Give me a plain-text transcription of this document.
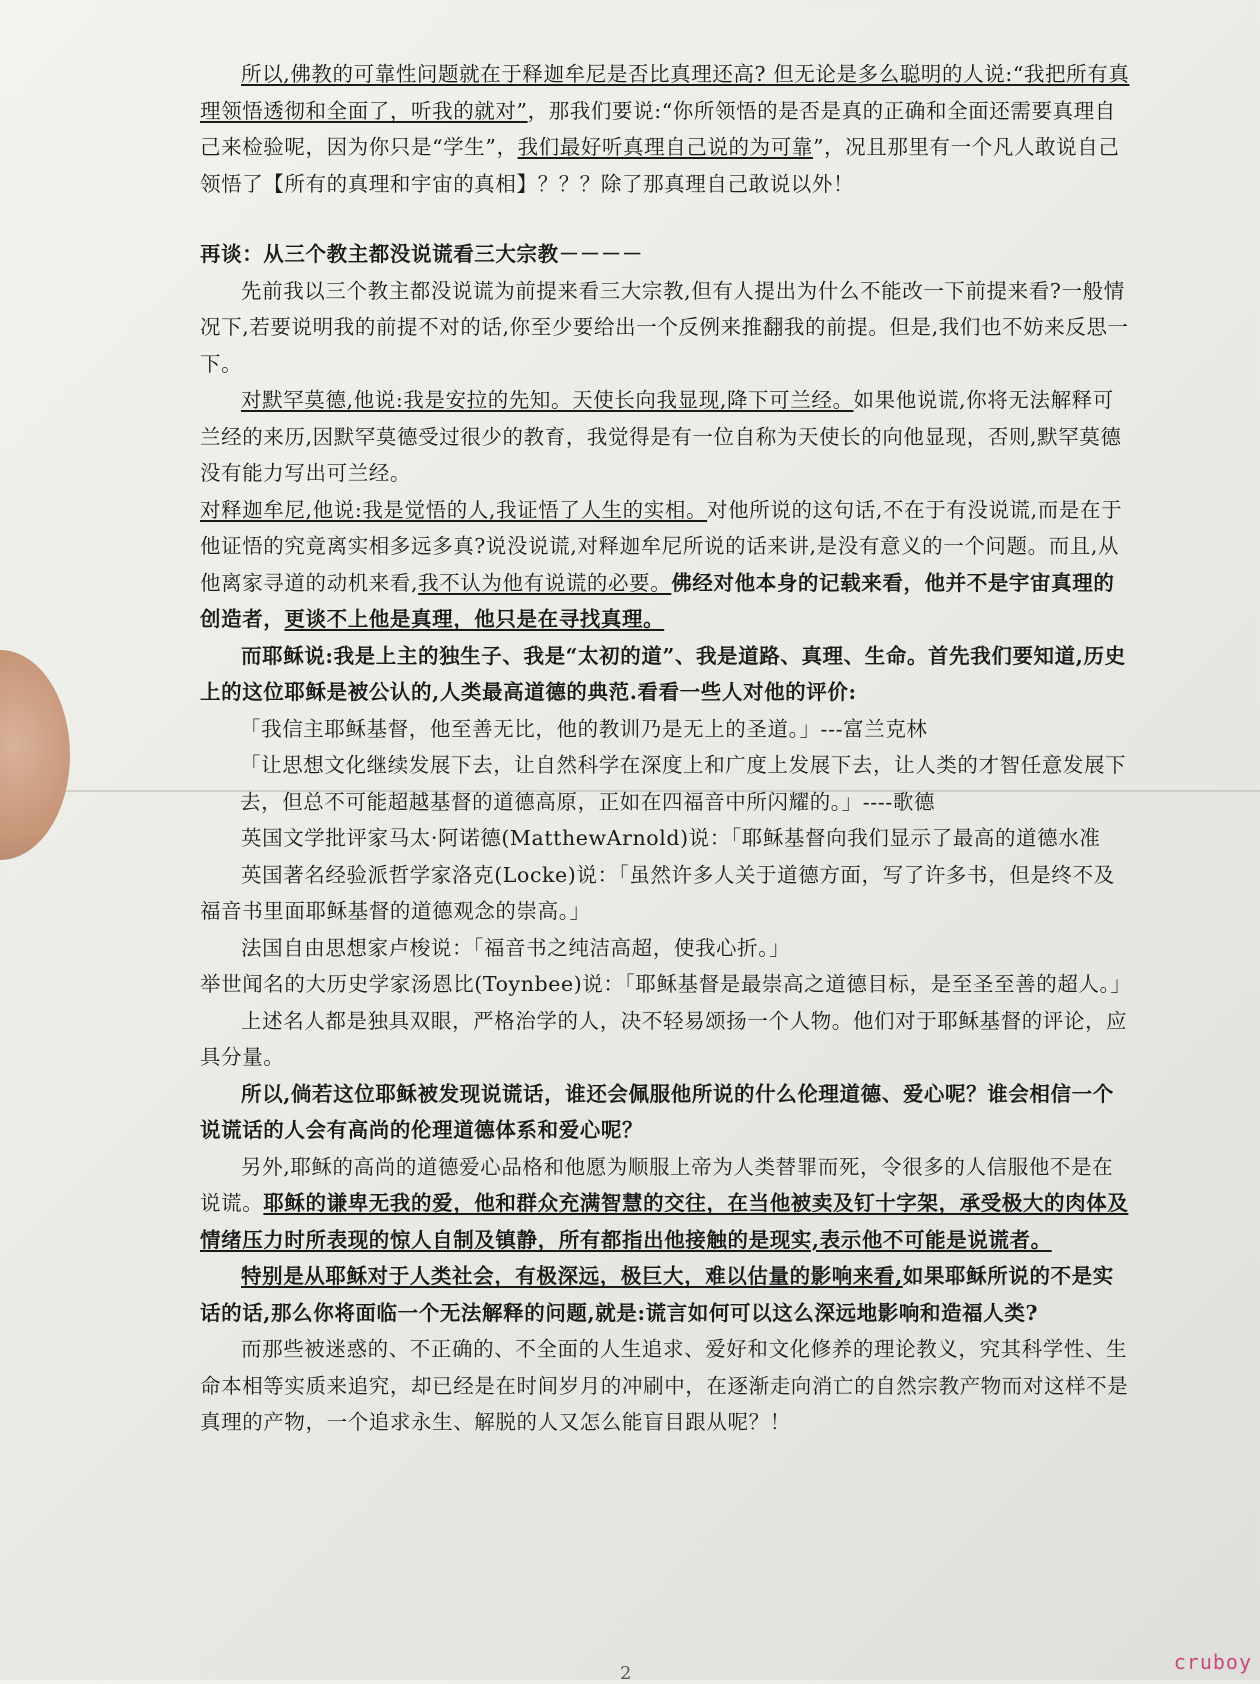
所以,佛教的可靠性问题就在于释迦牟尼是否比真理还高? 但无论是多么聪明的人说:“我把所有真理领悟透彻和全面了，听我的就对”，那我们要说:“你所领悟的是否是真的正确和全面还需要真理自己来检验呢，因为你只是“学生”，我们最好听真理自己说的为可靠”，况且那里有一个凡人敢说自己领悟了【所有的真理和宇宙的真相】？？？除了那真理自己敢说以外！

再谈：从三个教主都没说谎看三大宗教－－－－

先前我以三个教主都没说谎为前提来看三大宗教,但有人提出为什么不能改一下前提来看?一般情况下,若要说明我的前提不对的话,你至少要给出一个反例来推翻我的前提。但是,我们也不妨来反思一下。

对默罕莫德,他说:我是安拉的先知。天使长向我显现,降下可兰经。如果他说谎,你将无法解释可兰经的来历,因默罕莫德受过很少的教育，我觉得是有一位自称为天使长的向他显现，否则,默罕莫德没有能力写出可兰经。

对释迦牟尼,他说:我是觉悟的人,我证悟了人生的实相。对他所说的这句话,不在于有没说谎,而是在于他证悟的究竟离实相多远多真?说没说谎,对释迦牟尼所说的话来讲,是没有意义的一个问题。而且,从他离家寻道的动机来看,我不认为他有说谎的必要。佛经对他本身的记载来看，他并不是宇宙真理的创造者，更谈不上他是真理，他只是在寻找真理。

而耶稣说:我是上主的独生子、我是“太初的道”、我是道路、真理、生命。首先我们要知道,历史上的这位耶稣是被公认的,人类最高道德的典范.看看一些人对他的评价:

「我信主耶稣基督，他至善无比，他的教训乃是无上的圣道。」---富兰克林

「让思想文化继续发展下去，让自然科学在深度上和广度上发展下去，让人类的才智任意发展下去，但总不可能超越基督的道德高原，正如在四福音中所闪耀的。」----歌德

英国文学批评家马太·阿诺德(MatthewArnold)说：「耶稣基督向我们显示了最高的道德水准

英国著名经验派哲学家洛克(Locke)说：「虽然许多人关于道德方面，写了许多书，但是终不及福音书里面耶稣基督的道德观念的崇高。」

法国自由思想家卢梭说：「福音书之纯洁高超，使我心折。」

举世闻名的大历史学家汤恩比(Toynbee)说：「耶稣基督是最崇高之道德目标，是至圣至善的超人。」

上述名人都是独具双眼，严格治学的人，决不轻易颂扬一个人物。他们对于耶稣基督的评论，应具分量。

所以,倘若这位耶稣被发现说谎话，谁还会佩服他所说的什么伦理道德、爱心呢？谁会相信一个说谎话的人会有高尚的伦理道德体系和爱心呢？

另外,耶稣的高尚的道德爱心品格和他愿为顺服上帝为人类替罪而死，令很多的人信服他不是在说谎。耶稣的谦卑无我的爱，他和群众充满智慧的交往，在当他被卖及钉十字架，承受极大的肉体及情绪压力时所表现的惊人自制及镇静，所有都指出他接触的是现实,表示他不可能是说谎者。

特别是从耶稣对于人类社会，有极深远，极巨大，难以估量的影响来看,如果耶稣所说的不是实话的话,那么你将面临一个无法解释的问题,就是:谎言如何可以这么深远地影响和造福人类?

而那些被迷惑的、不正确的、不全面的人生追求、爱好和文化修养的理论教义，究其科学性、生命本相等实质来追究，却已经是在时间岁月的冲刷中，在逐渐走向消亡的自然宗教产物而对这样不是真理的产物，一个追求永生、解脱的人又怎么能盲目跟从呢？！

2	cruboy
